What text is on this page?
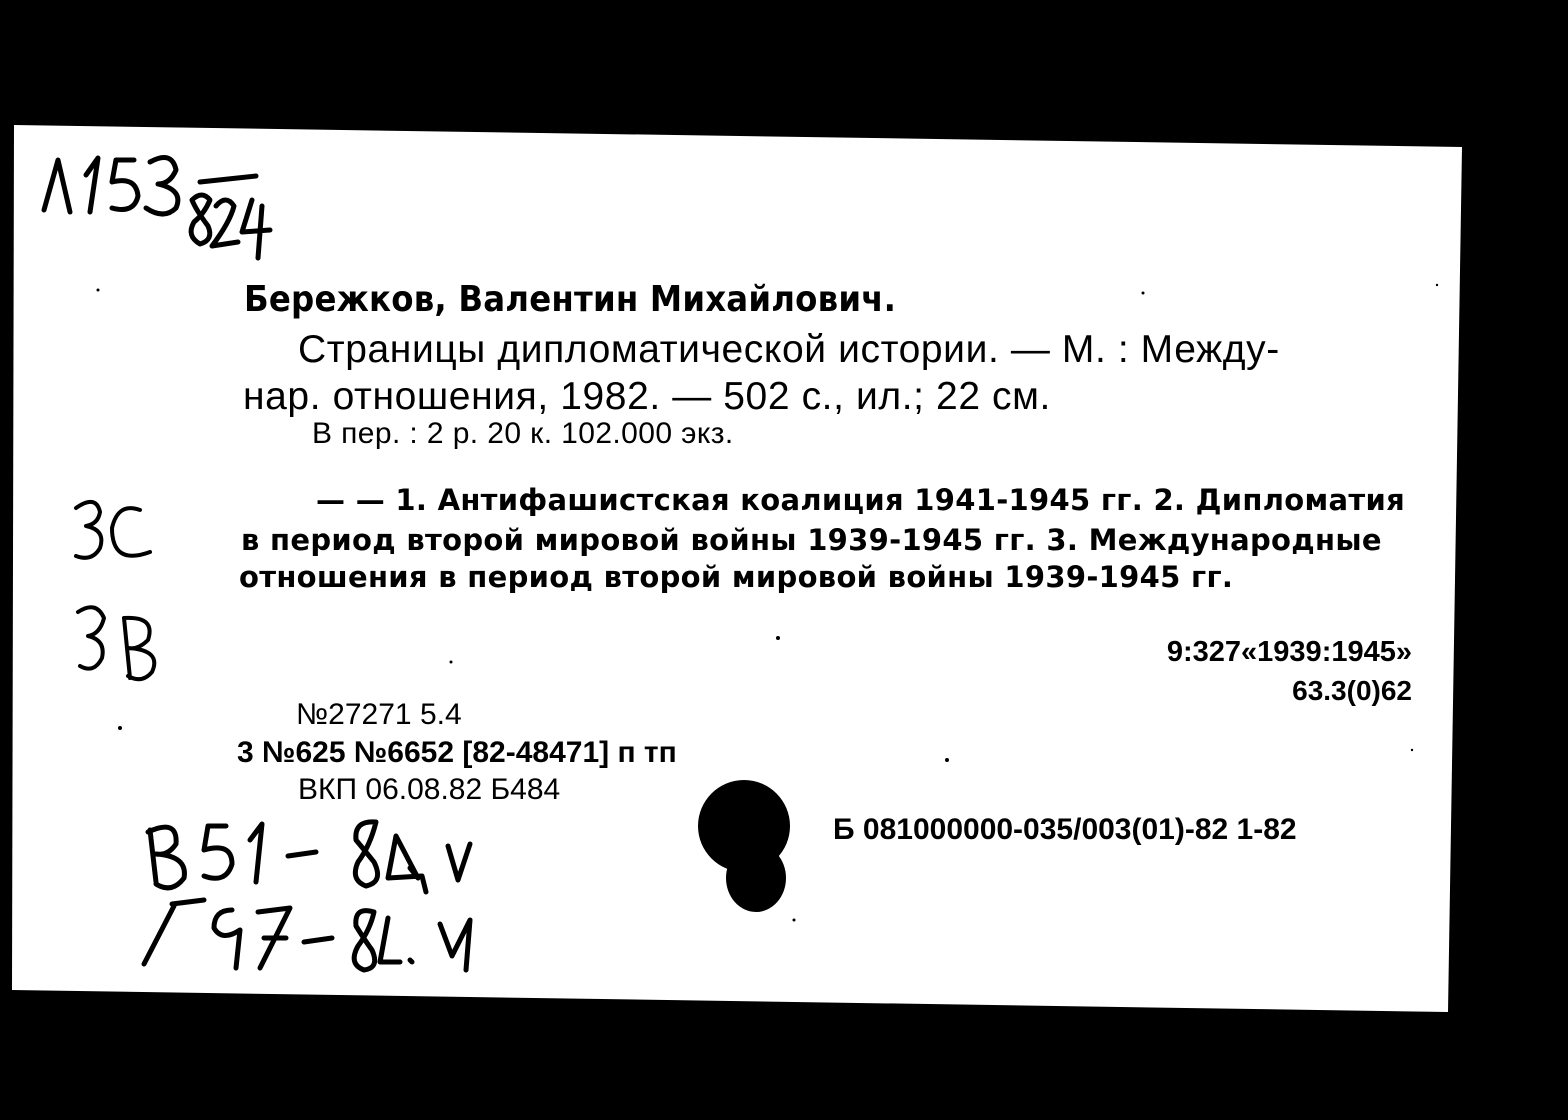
Бережков, Валентин Михайлович.

Страницы дипломатической истории. — М. : Междy-

нар. отношения, 1982. — 502 с., ил.; 22 см.

В пер. : 2 р. 20 к. 102.000 экз.

— — 1. Антифашистская коалиция 1941-1945 гг. 2. Дипломатия

в период второй мировой войны 1939-1945 гг. 3. Международные

отношения в период второй мировой войны 1939-1945 гг.

9:327«1939:1945»

63.3(0)62

№27271 5.4

3 №625 №6652 [82-48471] п тп

ВКП 06.08.82 Б484

Б 081000000-035/003(01)-82 1-82
